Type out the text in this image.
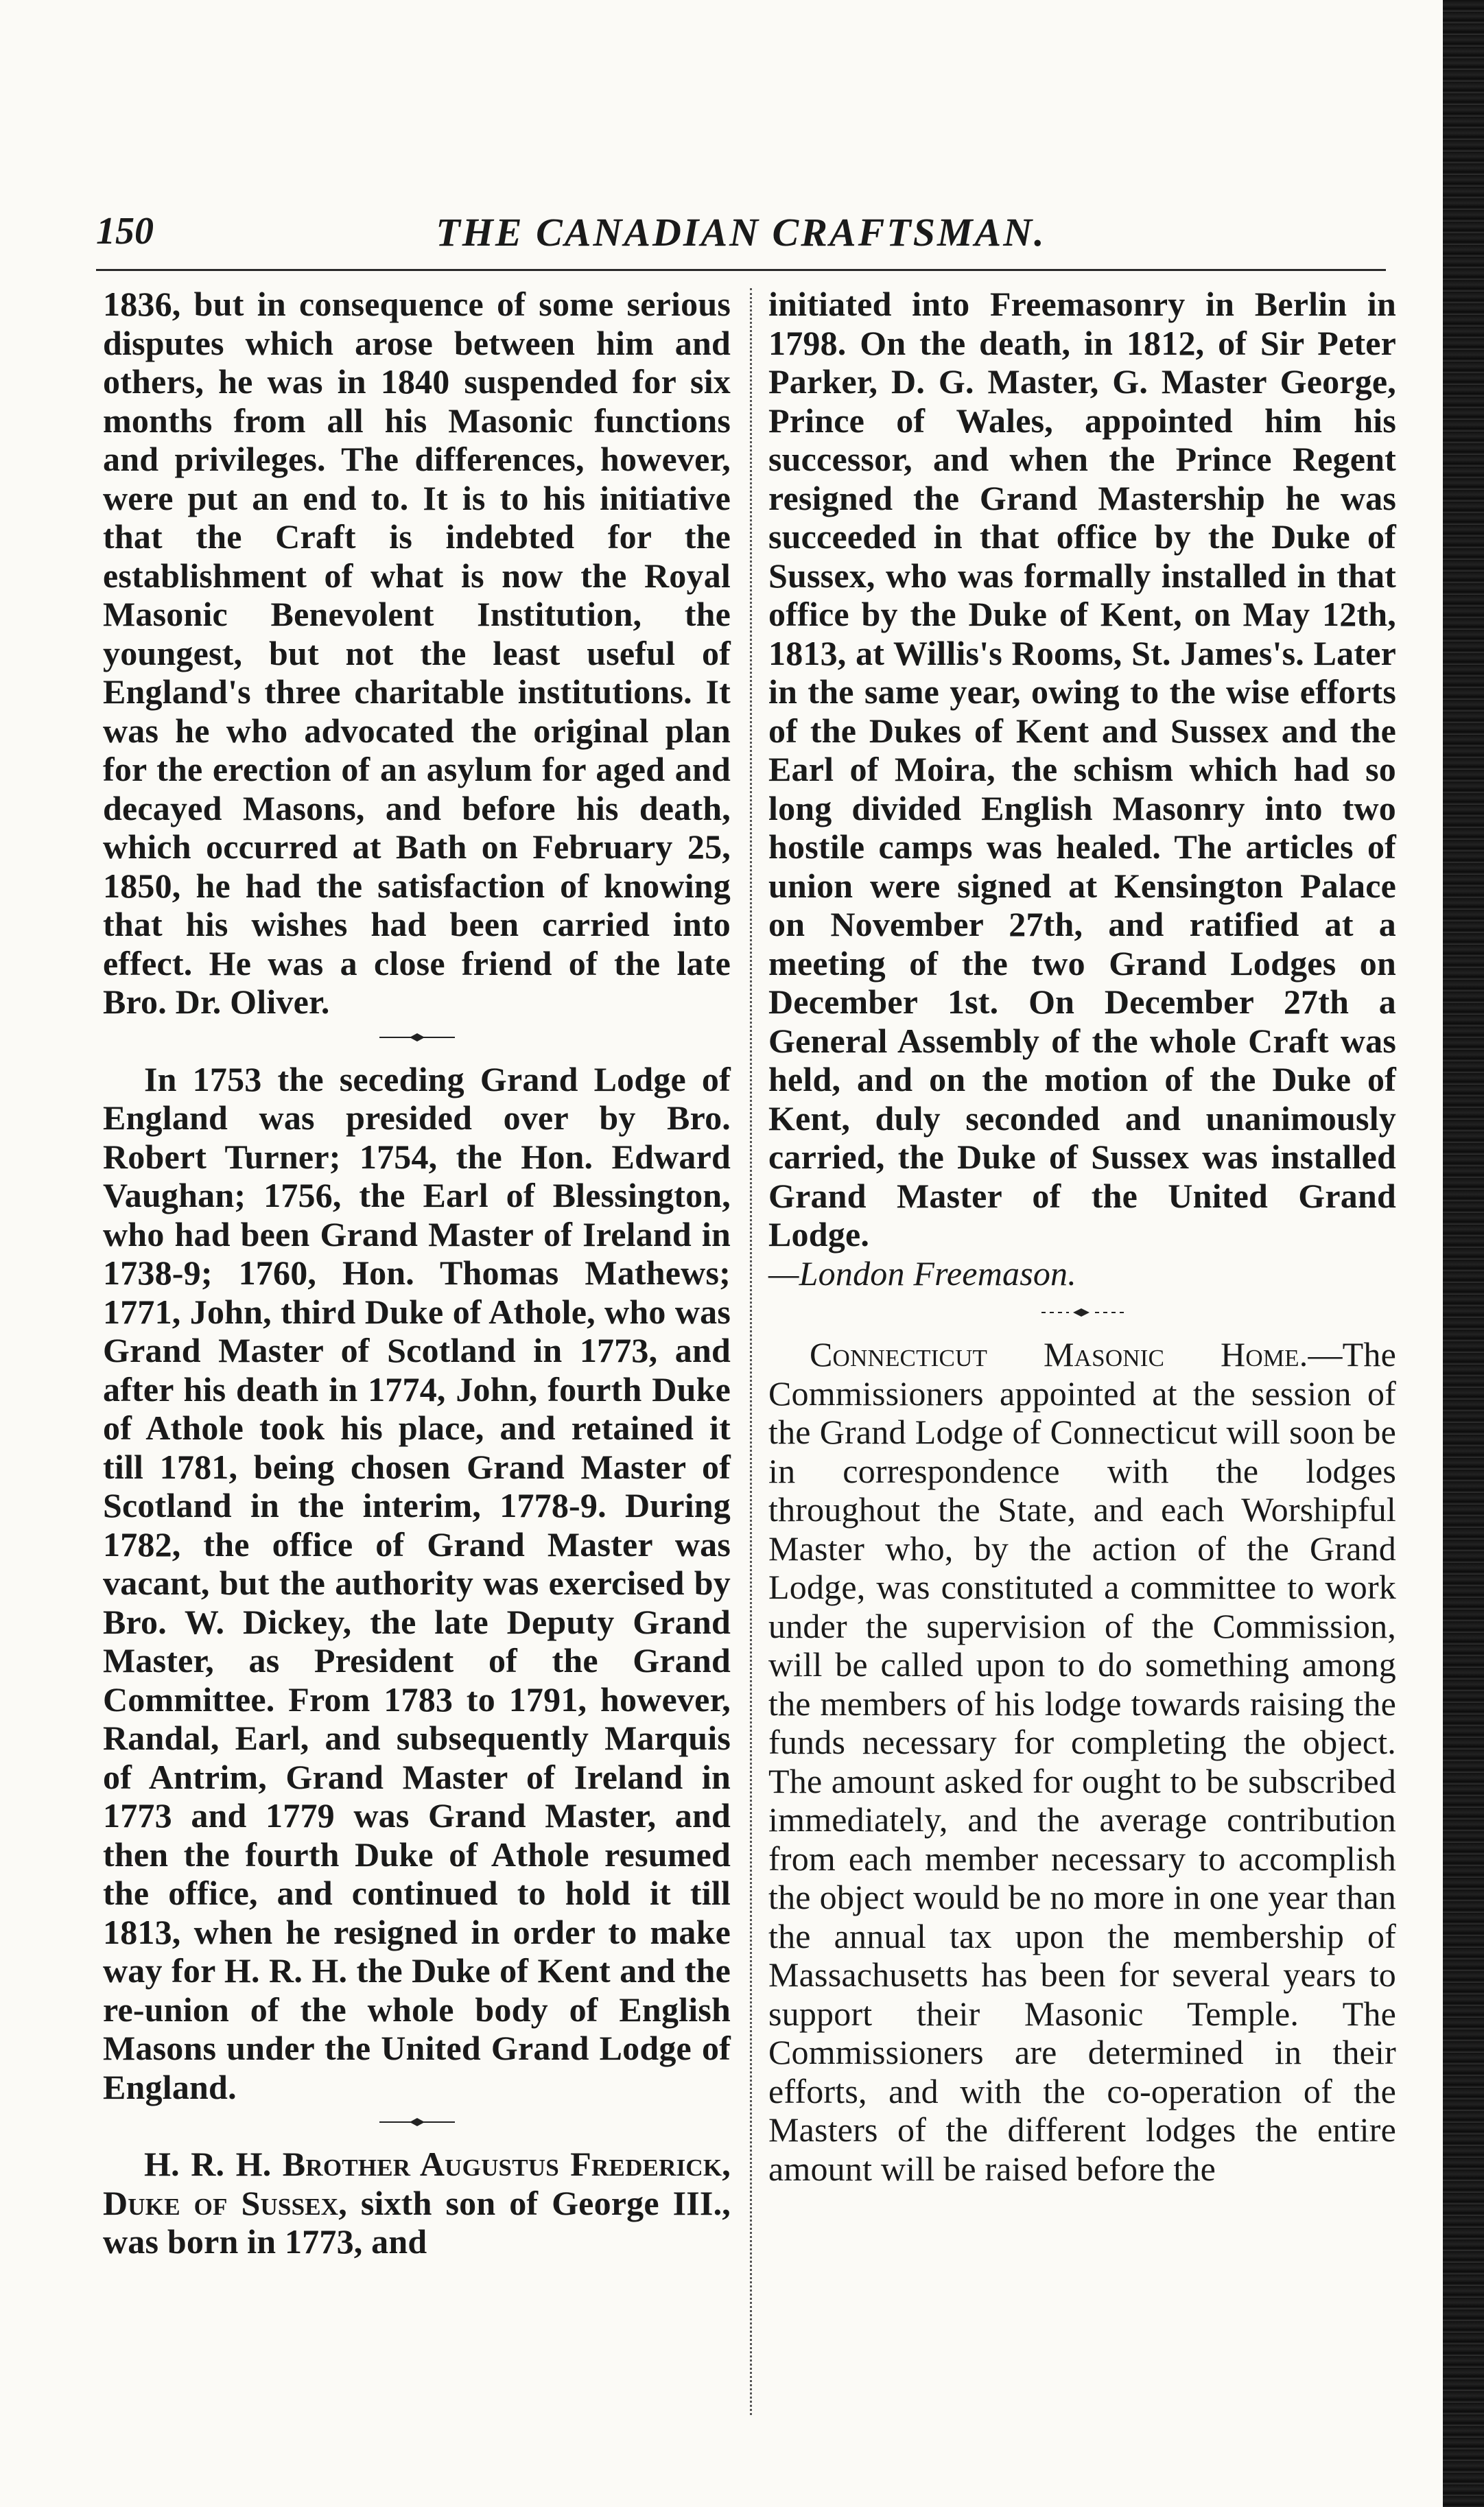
THE CANADIAN CRAFTSMAN.
150

1836, but in consequence of some serious disputes which arose between him and others, he was in 1840 suspended for six months from all his Masonic functions and privileges. The differences, however, were put an end to. It is to his initiative that the Craft is indebted for the establishment of what is now the Royal Masonic Benevolent Institution, the youngest, but not the least useful of England's three charitable institutions. It was he who advocated the original plan for the erection of an asylum for aged and decayed Masons, and before his death, which occurred at Bath on February 25, 1850, he had the satisfaction of knowing that his wishes had been carried into effect. He was a close friend of the late Bro. Dr. Oliver.

In 1753 the seceding Grand Lodge of England was presided over by Bro. Robert Turner; 1754, the Hon. Edward Vaughan; 1756, the Earl of Blessington, who had been Grand Master of Ireland in 1738-9; 1760, Hon. Thomas Mathews; 1771, John, third Duke of Athole, who was Grand Master of Scotland in 1773, and after his death in 1774, John, fourth Duke of Athole took his place, and retained it till 1781, being chosen Grand Master of Scotland in the interim, 1778-9. During 1782, the office of Grand Master was vacant, but the authority was exercised by Bro. W. Dickey, the late Deputy Grand Master, as President of the Grand Committee. From 1783 to 1791, however, Randal, Earl, and subsequently Marquis of Antrim, Grand Master of Ireland in 1773 and 1779 was Grand Master, and then the fourth Duke of Athole resumed the office, and continued to hold it till 1813, when he resigned in order to make way for H. R. H. the Duke of Kent and the re-union of the whole body of English Masons under the United Grand Lodge of England.

H. R. H. Brother Augustus Frederick, Duke of Sussex, sixth son of George III., was born in 1773, and

initiated into Freemasonry in Berlin in 1798. On the death, in 1812, of Sir Peter Parker, D. G. Master, G. Master George, Prince of Wales, appointed him his successor, and when the Prince Regent resigned the Grand Mastership he was succeeded in that office by the Duke of Sussex, who was formally installed in that office by the Duke of Kent, on May 12th, 1813, at Willis's Rooms, St. James's. Later in the same year, owing to the wise efforts of the Dukes of Kent and Sussex and the Earl of Moira, the schism which had so long divided English Masonry into two hostile camps was healed. The articles of union were signed at Kensington Palace on November 27th, and ratified at a meeting of the two Grand Lodges on December 1st. On December 27th a General Assembly of the whole Craft was held, and on the motion of the Duke of Kent, duly seconded and unanimously carried, the Duke of Sussex was installed Grand Master of the United Grand Lodge.
—London Freemason.

Connecticut Masonic Home.—The Commissioners appointed at the session of the Grand Lodge of Connecticut will soon be in correspondence with the lodges throughout the State, and each Worshipful Master who, by the action of the Grand Lodge, was constituted a committee to work under the supervision of the Commission, will be called upon to do something among the members of his lodge towards raising the funds necessary for completing the object. The amount asked for ought to be subscribed immediately, and the average contribution from each member necessary to accomplish the object would be no more in one year than the annual tax upon the membership of Massachusetts has been for several years to support their Masonic Temple. The Commissioners are determined in their efforts, and with the co-operation of the Masters of the different lodges the entire amount will be raised before the
